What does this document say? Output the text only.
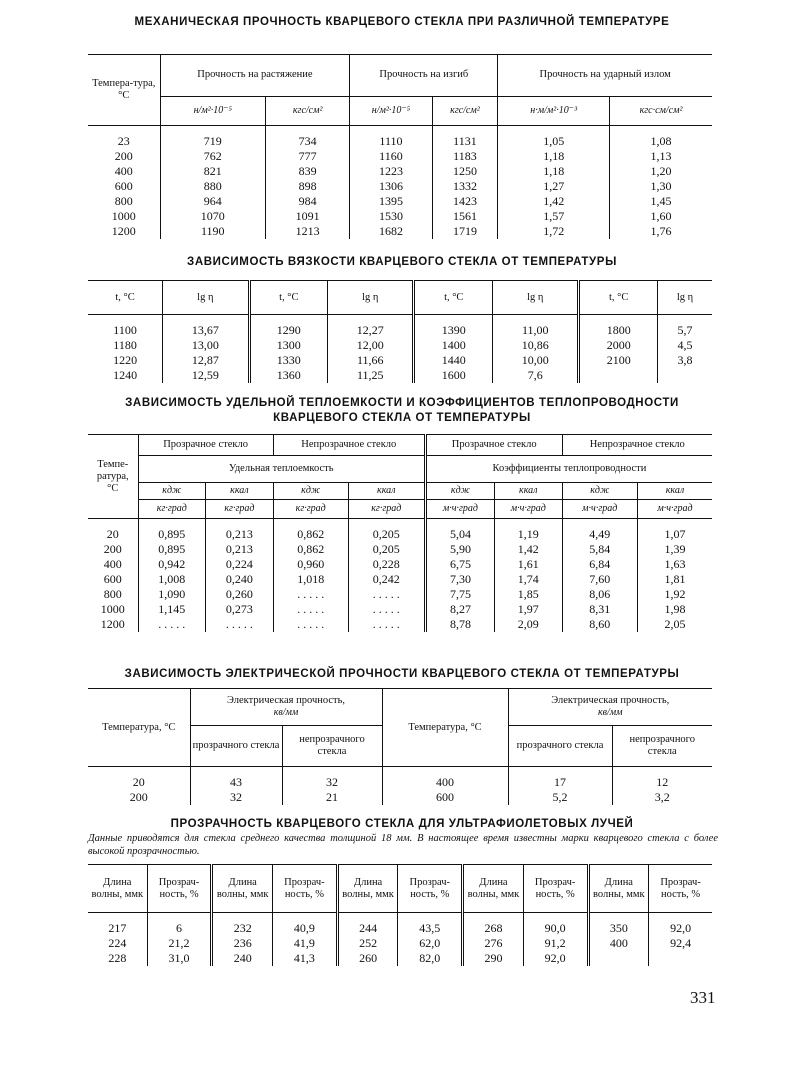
МЕХАНИЧЕСКАЯ ПРОЧНОСТЬ КВАРЦЕВОГО СТЕКЛА ПРИ РАЗЛИЧНОЙ ТЕМПЕРАТУРЕ
Темпера-тура, °С	Прочность на растяжение		Прочность на изгиб		Прочность на ударный излом	
	н/м²·10⁻⁵	кгс/см²	н/м²·10⁻⁵	кгс/см²	н·м/м²·10⁻³	кгс·см/см²
23	719	734	1110	1131	1,05	1,08
200	762	777	1160	1183	1,18	1,13
400	821	839	1223	1250	1,18	1,20
600	880	898	1306	1332	1,27	1,30
800	964	984	1395	1423	1,42	1,45
1000	1070	1091	1530	1561	1,57	1,60
1200	1190	1213	1682	1719	1,72	1,76
ЗАВИСИМОСТЬ ВЯЗКОСТИ КВАРЦЕВОГО СТЕКЛА ОТ ТЕМПЕРАТУРЫ
t, °С	lg η	t, °С	lg η	t, °С	lg η	t, °С	lg η
1100	13,67	1290	12,27	1390	11,00	1800	5,7
1180	13,00	1300	12,00	1400	10,86	2000	4,5
1220	12,87	1330	11,66	1440	10,00	2100	3,8
1240	12,59	1360	11,25	1600	7,6		
ЗАВИСИМОСТЬ УДЕЛЬНОЙ ТЕПЛОЕМКОСТИ И КОЭФФИЦИЕНТОВ ТЕПЛОПРОВОДНОСТИ
КВАРЦЕВОГО СТЕКЛА ОТ ТЕМПЕРАТУРЫ
Темпе-ратура, °С	Прозрачное стекло		Непрозрачное стекло		Прозрачное стекло		Непрозрачное стекло	
	Удельная теплоемкость				Коэффициенты теплопроводности			
	кдж	ккал	кдж	ккал	кдж	ккал	кдж	ккал
	кг·град	кг·град	кг·град	кг·град	м·ч·град	м·ч·град	м·ч·град	м·ч·град
20	0,895	0,213	0,862	0,205	5,04	1,19	4,49	1,07
200	0,895	0,213	0,862	0,205	5,90	1,42	5,84	1,39
400	0,942	0,224	0,960	0,228	6,75	1,61	6,84	1,63
600	1,008	0,240	1,018	0,242	7,30	1,74	7,60	1,81
800	1,090	0,260	. . . . .	. . . . .	7,75	1,85	8,06	1,92
1000	1,145	0,273	. . . . .	. . . . .	8,27	1,97	8,31	1,98
1200	. . . . .	. . . . .	. . . . .	. . . . .	8,78	2,09	8,60	2,05
ЗАВИСИМОСТЬ ЭЛЕКТРИЧЕСКОЙ ПРОЧНОСТИ КВАРЦЕВОГО СТЕКЛА ОТ ТЕМПЕРАТУРЫ
Температура, °С	Электрическая прочность,
кв/мм		Температура, °С	Электрическая прочность,
кв/мм	
	прозрачного стекла	непрозрачного стекла		прозрачного стекла	непрозрачного стекла
20	43	32	400	17	12
200	32	21	600	5,2	3,2
ПРОЗРАЧНОСТЬ КВАРЦЕВОГО СТЕКЛА ДЛЯ УЛЬТРАФИОЛЕТОВЫХ ЛУЧЕЙ
Данные приводятся для стекла среднего качества толщиной 18 мм. В настоящее время известны марки кварцевого стекла с более высокой прозрачностью.
Длина волны, ммк	Прозрач-ность, %	Длина волны, ммк	Прозрач-ность, %	Длина волны, ммк	Прозрач-ность, %	Длина волны, ммк	Прозрач-ность, %	Длина волны, ммк	Прозрач-ность, %
217	6	232	40,9	244	43,5	268	90,0	350	92,0
224	21,2	236	41,9	252	62,0	276	91,2	400	92,4
228	31,0	240	41,3	260	82,0	290	92,0		
331
